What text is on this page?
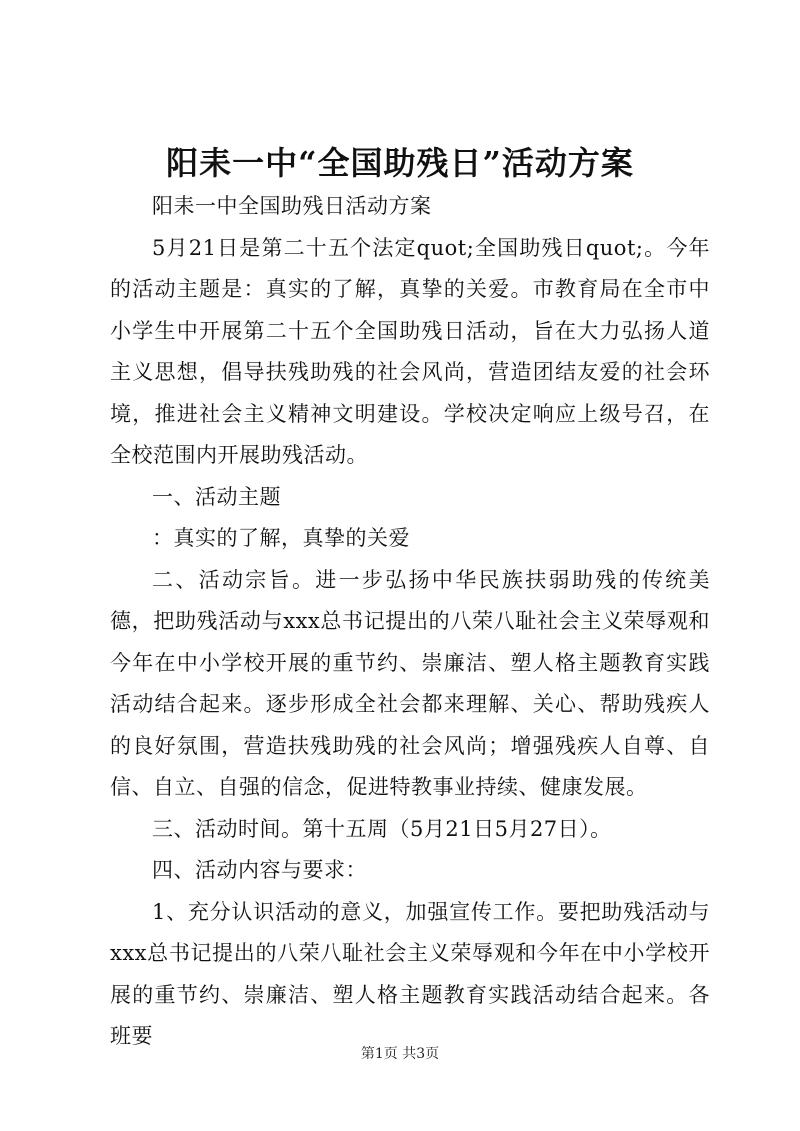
阳耒一中“全国助残日”活动方案

阳耒一中全国助残日活动方案

5月21日是第二十五个法定quot;全国助残日quot;。今年的活动主题是：真实的了解，真挚的关爱。市教育局在全市中小学生中开展第二十五个全国助残日活动，旨在大力弘扬人道主义思想，倡导扶残助残的社会风尚，营造团结友爱的社会环境，推进社会主义精神文明建设。学校决定响应上级号召，在全校范围内开展助残活动。

一、活动主题

：真实的了解，真挚的关爱

二、活动宗旨。进一步弘扬中华民族扶弱助残的传统美德，把助残活动与xxx总书记提出的八荣八耻社会主义荣辱观和今年在中小学校开展的重节约、崇廉洁、塑人格主题教育实践活动结合起来。逐步形成全社会都来理解、关心、帮助残疾人的良好氛围，营造扶残助残的社会风尚；增强残疾人自尊、自信、自立、自强的信念，促进特教事业持续、健康发展。

三、活动时间。第十五周（5月21日5月27日）。

四、活动内容与要求：

1、充分认识活动的意义，加强宣传工作。要把助残活动与xxx总书记提出的八荣八耻社会主义荣辱观和今年在中小学校开展的重节约、崇廉洁、塑人格主题教育实践活动结合起来。各班要

第1页 共3页
